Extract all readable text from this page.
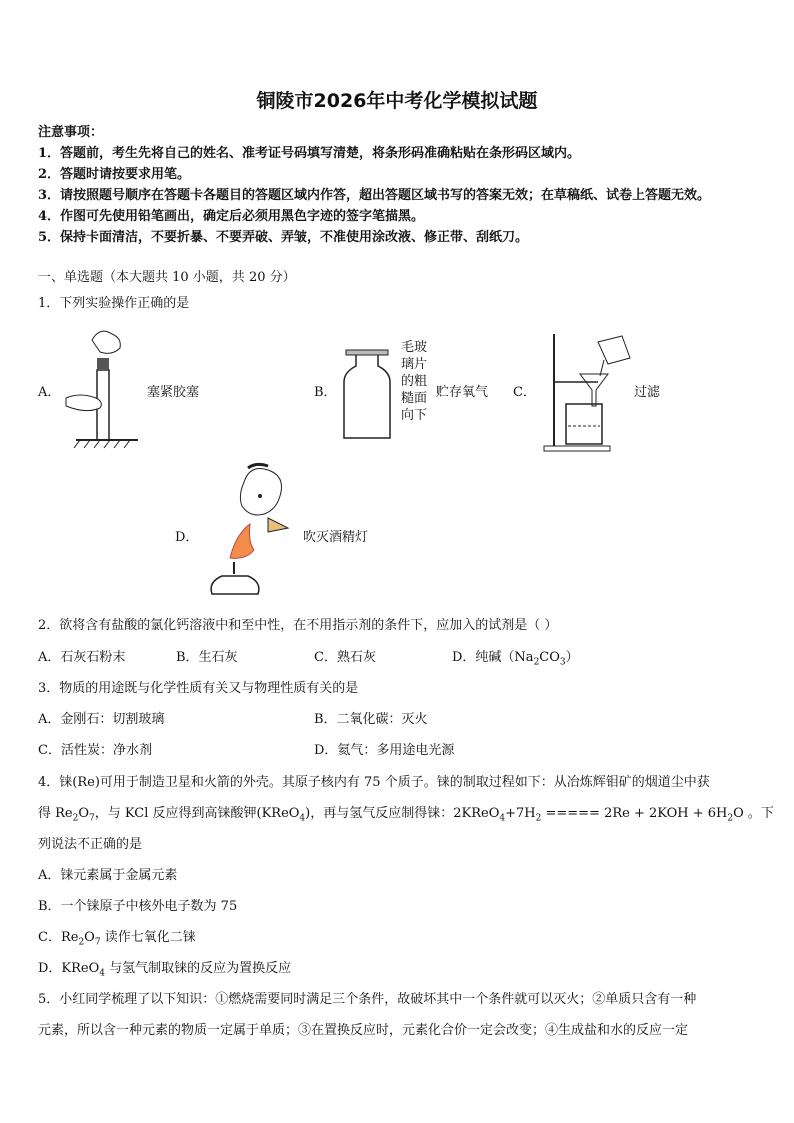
铜陵市2026年中考化学模拟试题
注意事项：
1．答题前，考生先将自己的姓名、准考证号码填写清楚，将条形码准确粘贴在条形码区域内。
2．答题时请按要求用笔。
3．请按照题号顺序在答题卡各题目的答题区域内作答，超出答题区域书写的答案无效；在草稿纸、试卷上答题无效。
4．作图可先使用铅笔画出，确定后必须用黑色字迹的签字笔描黑。
5．保持卡面清洁，不要折暴、不要弄破、弄皱，不准使用涂改液、修正带、刮纸刀。
一、单选题（本大题共 10 小题，共 20 分）
1．下列实验操作正确的是
A．	塞紧胶塞	B．
毛玻璃片的粗糙面向下
贮存氧气 C．	过滤
D．	吹灭酒精灯
2．欲将含有盐酸的氯化钙溶液中和至中性，在不用指示剂的条件下，应加入的试剂是（ ）
A．石灰石粉末	B．生石灰	C．熟石灰	D．纯碱$(Na_2CO_3)$
3．物质的用途既与化学性质有关又与物理性质有关的是
A．金刚石：切割玻璃	B．二氧化碳：灭火
C．活性炭：净水剂	D．氦气：多用途电光源
4．铼(Re)可用于制造卫星和火箭的外壳。其原子核内有 75 个质子。铼的制取过程如下：从冶炼辉钼矿的烟道尘中获
得 $Re_2O_7$，与 KCl 反应得到高铼酸钾(KReO$_4$)，再与氢气反应制得铼：$2KReO_4+7H_2$ ===== $2Re + 2KOH + 6H_2O$ 。下
列说法不正确的是
A．铼元素属于金属元素
B．一个铼原子中核外电子数为 75
C．$Re_2O_7$ 读作七氧化二铼
D．KReO$_4$ 与氢气制取铼的反应为置换反应
5．小红同学梳理了以下知识：①燃烧需要同时满足三个条件，故破坏其中一个条件就可以灭火；②单质只含有一种
元素，所以含一种元素的物质一定属于单质；③在置换反应时，元素化合价一定会改变；④生成盐和水的反应一定
